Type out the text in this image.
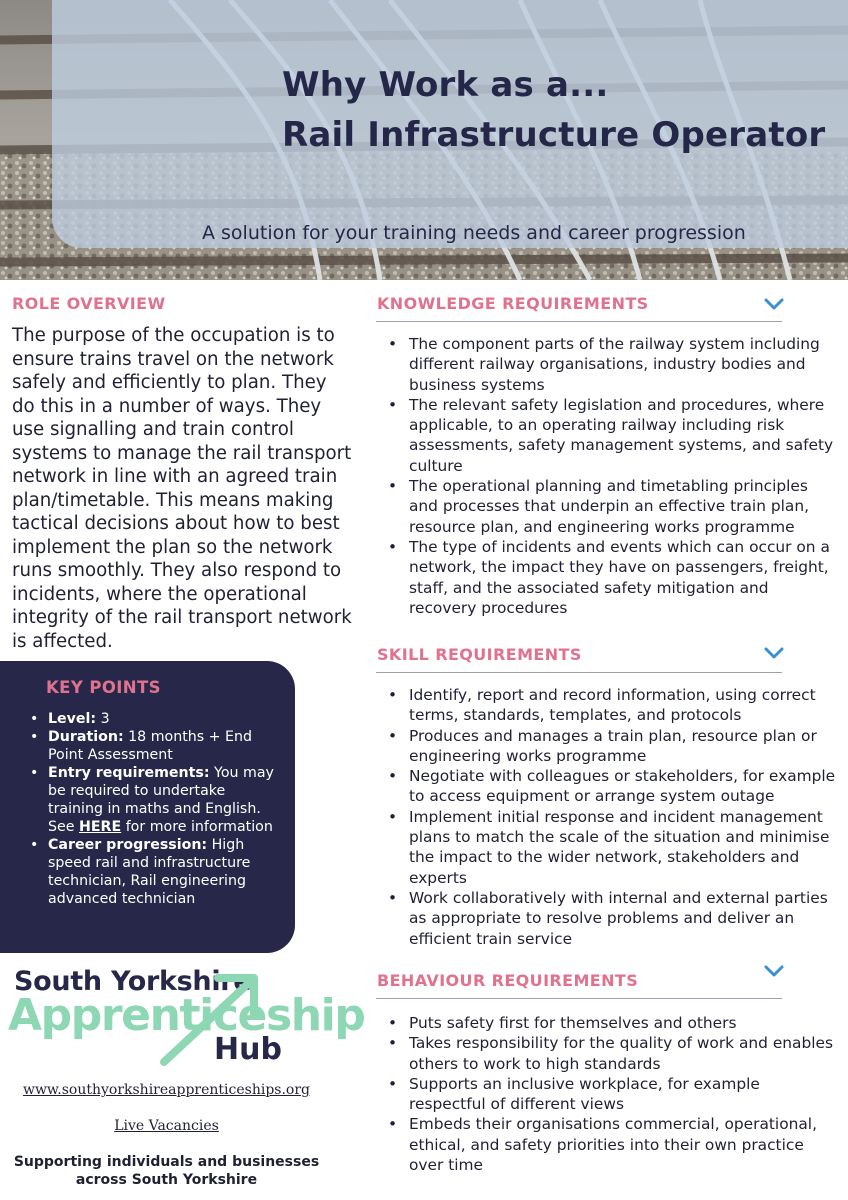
Why Work as a...
Rail Infrastructure Operator

A solution for your training needs and career progression

ROLE OVERVIEW

The purpose of the occupation is to ensure trains travel on the network safely and efficiently to plan. They do this in a number of ways. They use signalling and train control systems to manage the rail transport network in line with an agreed train plan/timetable. This means making tactical decisions about how to best implement the plan so the network runs smoothly. They also respond to incidents, where the operational integrity of the rail transport network is affected.

KEY POINTS
• Level: 3
• Duration: 18 months + End Point Assessment
• Entry requirements: You may be required to undertake training in maths and English. See HERE for more information
• Career progression: High speed rail and infrastructure technician, Rail engineering advanced technician

South Yorkshire

Apprenticeship

Hub

www.southyorkshireapprenticeships.org

Live Vacancies

Supporting individuals and businesses
across South Yorkshire

KNOWLEDGE REQUIREMENTS
• The component parts of the railway system including different railway organisations, industry bodies and business systems
• The relevant safety legislation and procedures, where applicable, to an operating railway including risk assessments, safety management systems, and safety culture
• The operational planning and timetabling principles and processes that underpin an effective train plan, resource plan, and engineering works programme
• The type of incidents and events which can occur on a network, the impact they have on passengers, freight, staff, and the associated safety mitigation and recovery procedures
SKILL REQUIREMENTS
• Identify, report and record information, using correct terms, standards, templates, and protocols
• Produces and manages a train plan, resource plan or engineering works programme
• Negotiate with colleagues or stakeholders, for example to access equipment or arrange system outage
• Implement initial response and incident management plans to match the scale of the situation and minimise the impact to the wider network, stakeholders and experts
• Work collaboratively with internal and external parties as appropriate to resolve problems and deliver an efficient train service
BEHAVIOUR REQUIREMENTS
• Puts safety first for themselves and others
• Takes responsibility for the quality of work and enables others to work to high standards
• Supports an inclusive workplace, for example respectful of different views
• Embeds their organisations commercial, operational, ethical, and safety priorities into their own practice over time
